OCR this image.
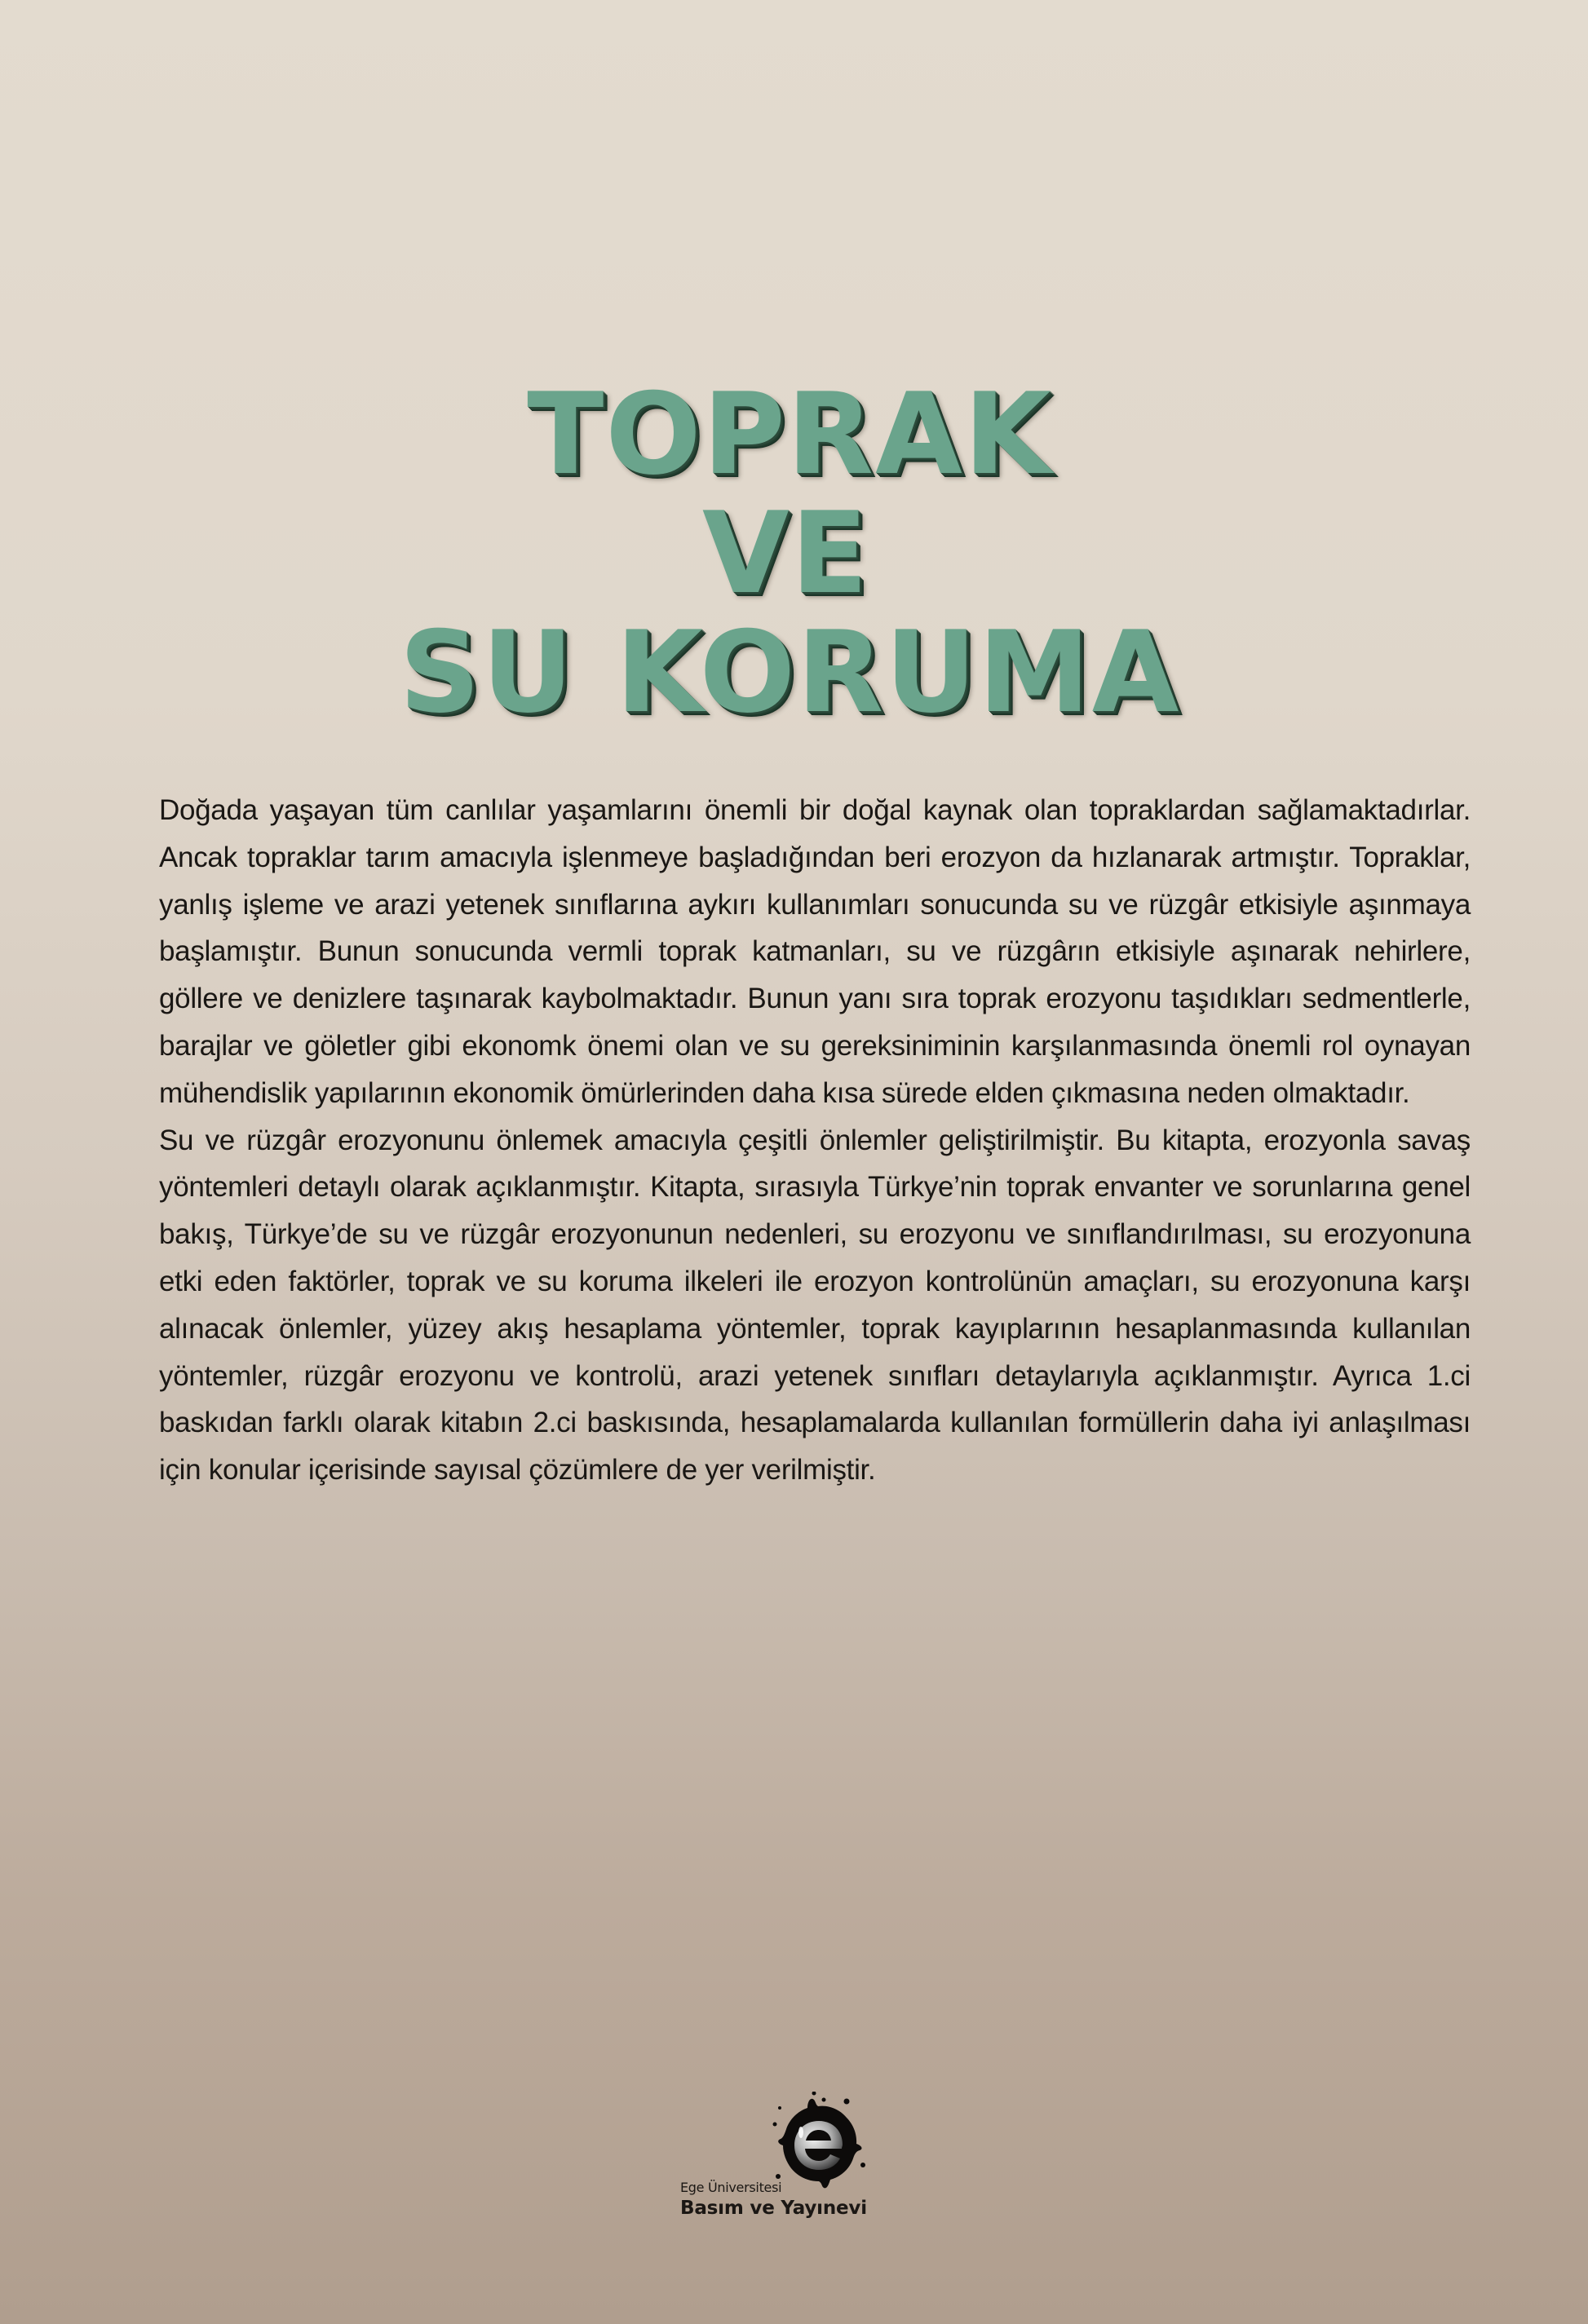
TOPRAK
VE
SU KORUMA

Doğada yaşayan tüm canlılar yaşamlarını önemli bir doğal kaynak olan topraklardan sağlamaktadırlar. Ancak topraklar tarım amacıyla işlenmeye başladığından beri erozyon da hızlanarak artmıştır. Topraklar, yanlış işleme ve arazi yetenek sınıflarına aykırı kullanımları sonucunda su ve rüzgâr etkisiyle aşınmaya başlamıştır. Bunun sonucunda vermli toprak katmanları, su ve rüzgârın etkisiyle aşınarak nehirlere, göllere ve denizlere taşınarak kaybolmaktadır. Bunun yanı sıra toprak erozyonu taşıdıkları sedmentlerle, barajlar ve göletler gibi ekonomk önemi olan ve su gereksiniminin karşılanmasında önemli rol oynayan mühendislik yapılarının ekonomik ömürlerinden daha kısa sürede elden çıkmasına neden olmaktadır.

Su ve rüzgâr erozyonunu önlemek amacıyla çeşitli önlemler geliştirilmiştir. Bu kitapta, erozyonla savaş yöntemleri detaylı olarak açıklanmıştır. Kitapta, sırasıyla Türkye’nin toprak envanter ve sorunlarına genel bakış, Türkye’de su ve rüzgâr erozyonunun nedenleri, su erozyonu ve sınıflandırılması, su erozyonuna etki eden faktörler, toprak ve su koruma ilkeleri ile erozyon kontrolünün amaçları, su erozyonuna karşı alınacak önlemler, yüzey akış hesaplama yöntemler, toprak kayıplarının hesaplanmasında kullanılan yöntemler, rüzgâr erozyonu ve kontrolü, arazi yetenek sınıfları detaylarıyla açıklanmıştır. Ayrıca 1.ci baskıdan farklı olarak kitabın 2.ci baskısında, hesaplamalarda kullanılan formüllerin daha iyi anlaşılması için konular içerisinde sayısal çözümlere de yer verilmiştir.

Ege Üniversitesi
Basım ve Yayınevi
